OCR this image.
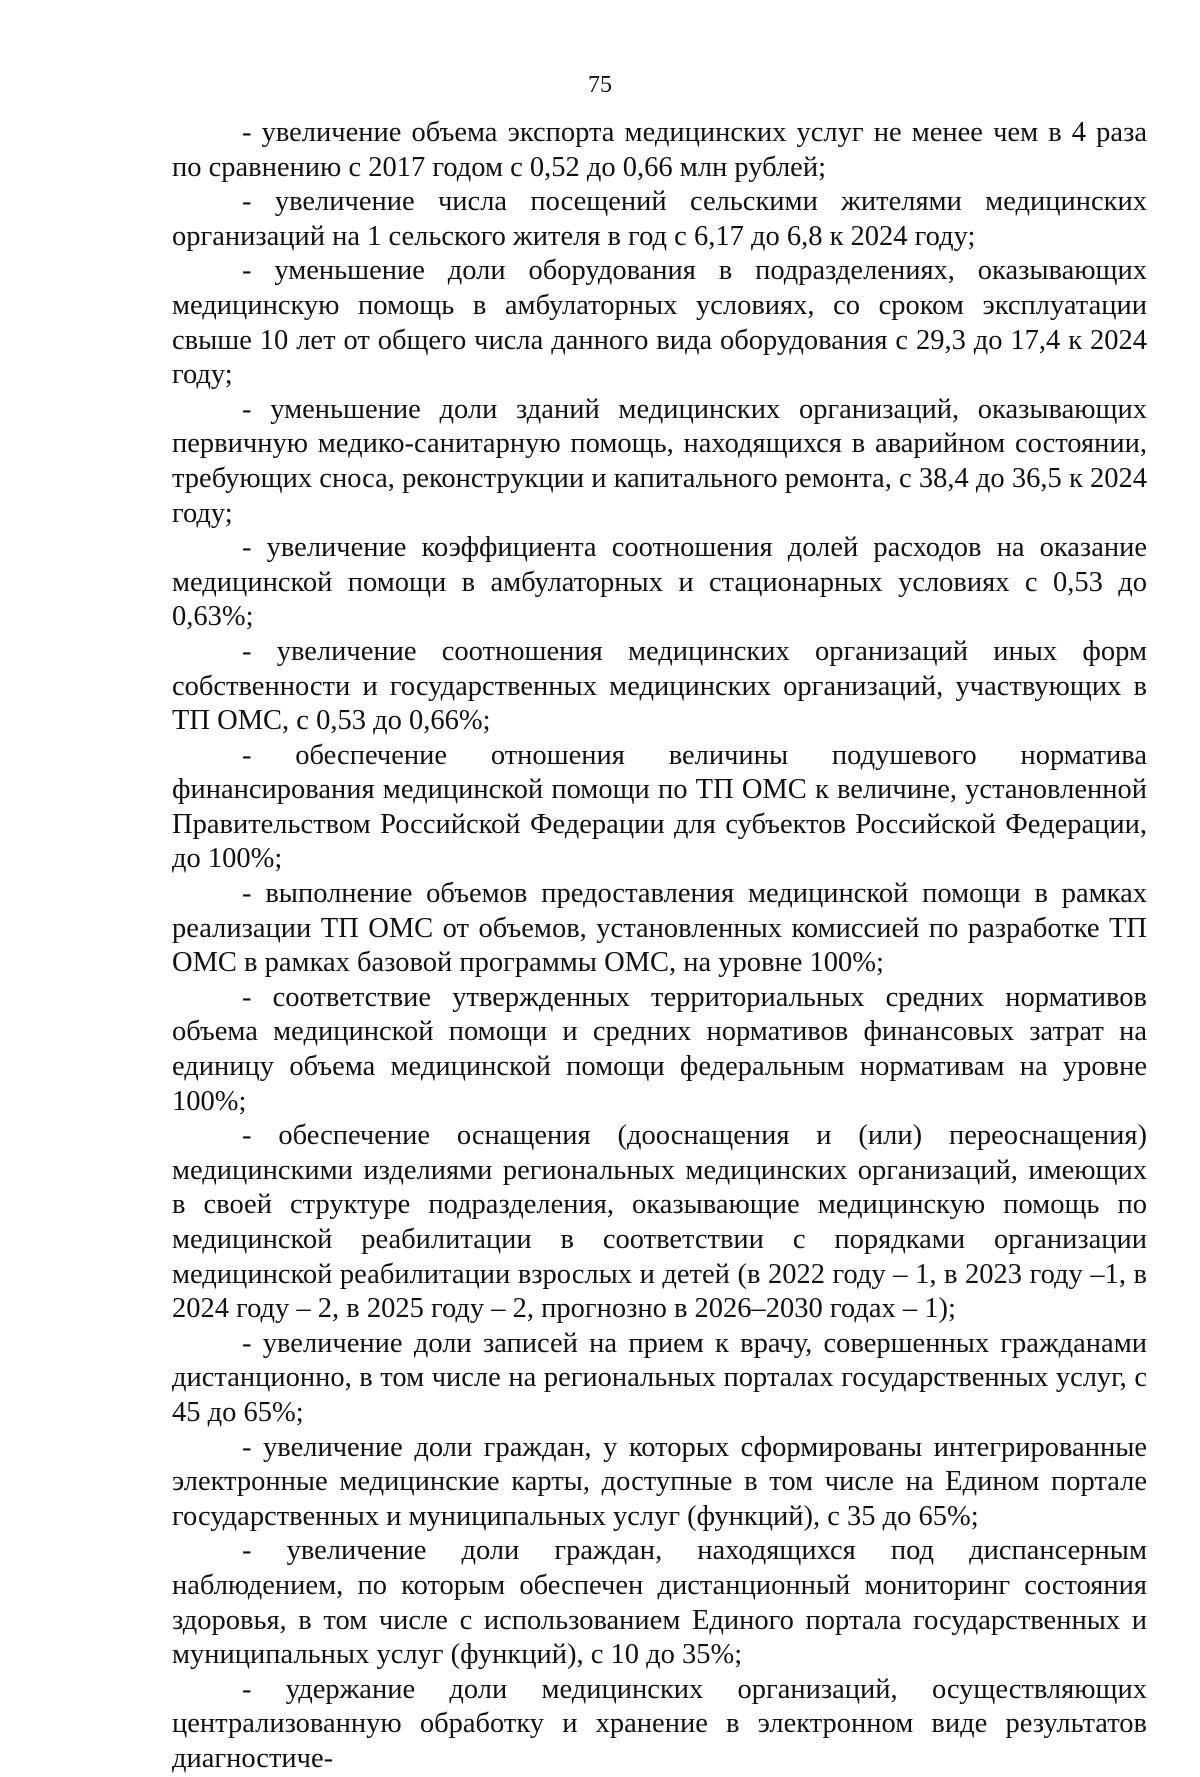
75

- увеличение объема экспорта медицинских услуг не менее чем в 4 раза по сравнению с 2017 годом с 0,52 до 0,66 млн рублей;

- увеличение числа посещений сельскими жителями медицинских организаций на 1 сельского жителя в год с 6,17 до 6,8 к 2024 году;

- уменьшение доли оборудования в подразделениях, оказывающих медицинскую помощь в амбулаторных условиях, со сроком эксплуатации свыше 10 лет от общего числа данного вида оборудования с 29,3 до 17,4 к 2024 году;

- уменьшение доли зданий медицинских организаций, оказывающих первичную медико-санитарную помощь, находящихся в аварийном состоянии, требующих сноса, реконструкции и капитального ремонта, с 38,4 до 36,5 к 2024 году;

- увеличение коэффициента соотношения долей расходов на оказание медицинской помощи в амбулаторных и стационарных условиях с 0,53 до 0,63%;

- увеличение соотношения медицинских организаций иных форм собственности и государственных медицинских организаций, участвующих в ТП ОМС, с 0,53 до 0,66%;

- обеспечение отношения величины подушевого норматива финансирования медицинской помощи по ТП ОМС к величине, установленной Правительством Российской Федерации для субъектов Российской Федерации, до 100%;

- выполнение объемов предоставления медицинской помощи в рамках реализации ТП ОМС от объемов, установленных комиссией по разработке ТП ОМС в рамках базовой программы ОМС, на уровне 100%;

- соответствие утвержденных территориальных средних нормативов объема медицинской помощи и средних нормативов финансовых затрат на единицу объема медицинской помощи федеральным нормативам на уровне 100%;

- обеспечение оснащения (дооснащения и (или) переоснащения) медицинскими изделиями региональных медицинских организаций, имеющих в своей структуре подразделения, оказывающие медицинскую помощь по медицинской реабилитации в соответствии с порядками организации медицинской реабилитации взрослых и детей (в 2022 году – 1, в 2023 году –1, в 2024 году – 2, в 2025 году – 2, прогнозно в 2026–2030 годах – 1);

- увеличение доли записей на прием к врачу, совершенных гражданами дистанционно, в том числе на региональных порталах государственных услуг, с 45 до 65%;

- увеличение доли граждан, у которых сформированы интегрированные электронные медицинские карты, доступные в том числе на Едином портале государственных и муниципальных услуг (функций), с 35 до 65%;

- увеличение доли граждан, находящихся под диспансерным наблюдением, по которым обеспечен дистанционный мониторинг состояния здоровья, в том числе с использованием Единого портала государственных и муниципальных услуг (функций), с 10 до 35%;

- удержание доли медицинских организаций, осуществляющих централизованную обработку и хранение в электронном виде результатов диагностиче-
